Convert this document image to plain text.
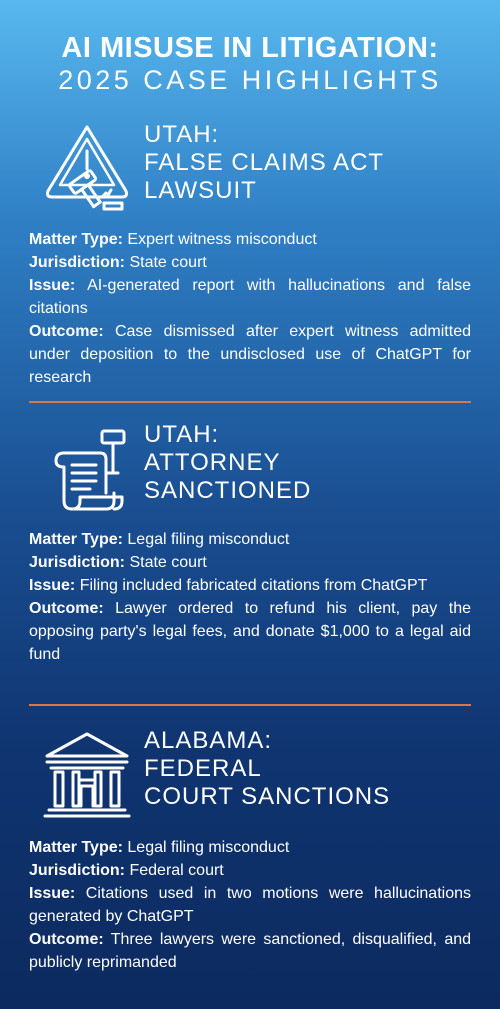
AI MISUSE IN LITIGATION:
2025 CASE HIGHLIGHTS
UTAH:
FALSE CLAIMS ACT
LAWSUIT

Matter Type: Expert witness misconduct

Jurisdiction: State court

Issue: AI-generated report with hallucinations and false citations

Outcome: Case dismissed after expert witness admitted under deposition to the undisclosed use of ChatGPT for research

UTAH:
ATTORNEY
SANCTIONED

Matter Type: Legal filing misconduct

Jurisdiction: State court

Issue: Filing included fabricated citations from ChatGPT

Outcome: Lawyer ordered to refund his client, pay the opposing party's legal fees, and donate $1,000 to a legal aid fund

ALABAMA:
FEDERAL
COURT SANCTIONS

Matter Type: Legal filing misconduct

Jurisdiction: Federal court

Issue: Citations used in two motions were hallucinations generated by ChatGPT

Outcome: Three lawyers were sanctioned, disqualified, and publicly reprimanded
